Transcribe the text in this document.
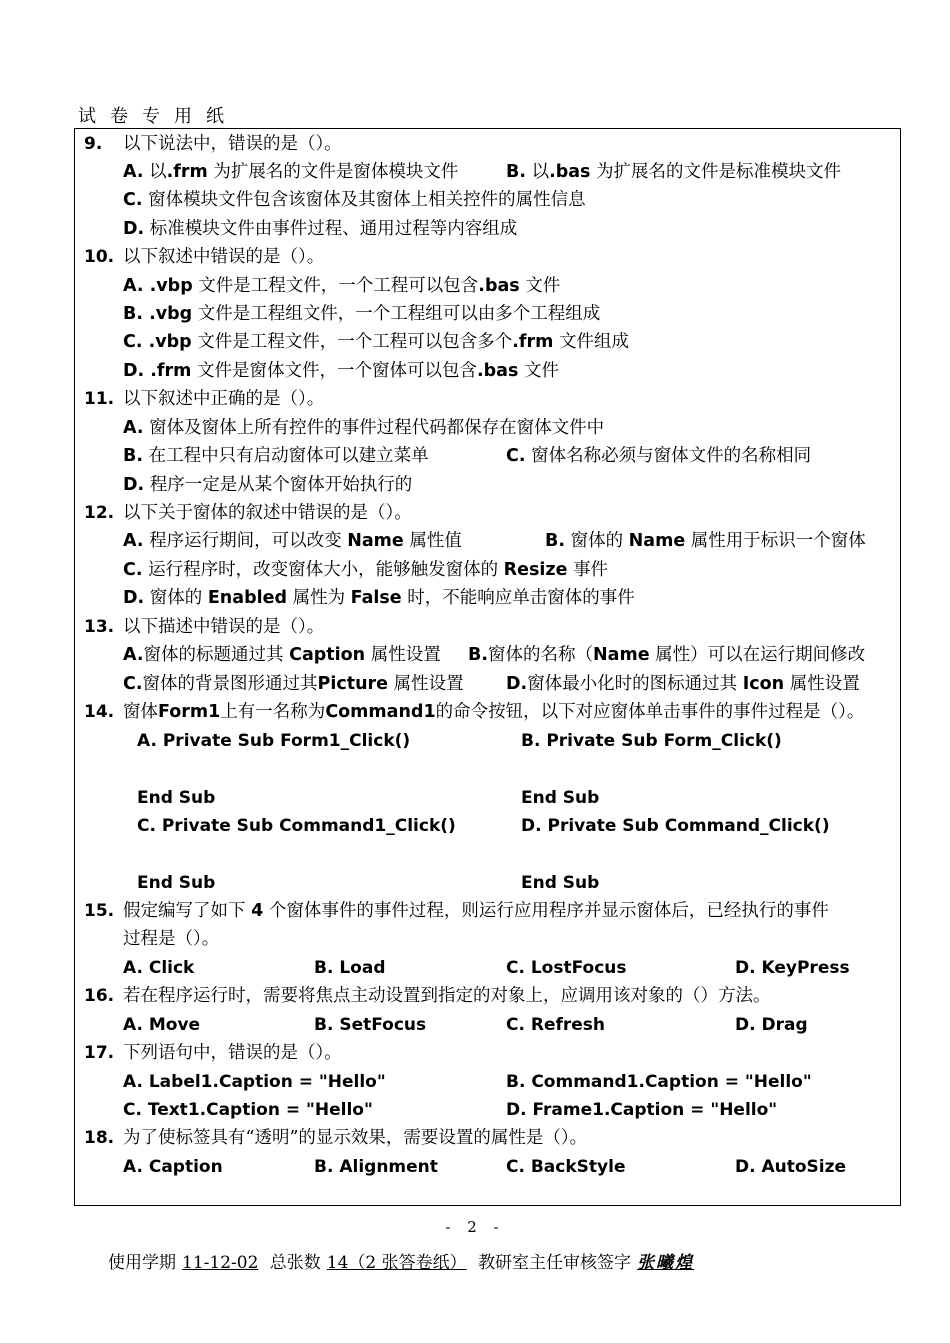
试卷专用纸
9. 以下说法中，错误的是（）。
A. 以.frm 为扩展名的文件是窗体模块文件	B. 以.bas 为扩展名的文件是标准模块文件
C. 窗体模块文件包含该窗体及其窗体上相关控件的属性信息
D. 标准模块文件由事件过程、通用过程等内容组成
10. 以下叙述中错误的是（）。
A. .vbp 文件是工程文件，一个工程可以包含.bas 文件
B. .vbg 文件是工程组文件，一个工程组可以由多个工程组成
C. .vbp 文件是工程文件，一个工程可以包含多个.frm 文件组成
D. .frm 文件是窗体文件，一个窗体可以包含.bas 文件
11. 以下叙述中正确的是（）。
A. 窗体及窗体上所有控件的事件过程代码都保存在窗体文件中
B. 在工程中只有启动窗体可以建立菜单	C. 窗体名称必须与窗体文件的名称相同
D. 程序一定是从某个窗体开始执行的
12. 以下关于窗体的叙述中错误的是（）。
A. 程序运行期间，可以改变 Name 属性值	B. 窗体的 Name 属性用于标识一个窗体
C. 运行程序时，改变窗体大小，能够触发窗体的 Resize 事件
D. 窗体的 Enabled 属性为 False 时，不能响应单击窗体的事件
13. 以下描述中错误的是（）。
A.窗体的标题通过其 Caption 属性设置 B.窗体的名称（Name 属性）可以在运行期间修改
C.窗体的背景图形通过其Picture 属性设置 D.窗体最小化时的图标通过其 Icon 属性设置
14. 窗体Form1上有一名称为Command1的命令按钮，以下对应窗体单击事件的事件过程是（）。
A. Private Sub Form1_Click()	B. Private Sub Form_Click()
End Sub	End Sub
C. Private Sub Command1_Click()	D. Private Sub Command_Click()
End Sub	End Sub
15. 假定编写了如下 4 个窗体事件的事件过程，则运行应用程序并显示窗体后，已经执行的事件
过程是（）。
A. Click	B. Load	C. LostFocus	D. KeyPress
16. 若在程序运行时，需要将焦点主动设置到指定的对象上，应调用该对象的（）方法。
A. Move	B. SetFocus	C. Refresh	D. Drag
17. 下列语句中，错误的是（）。
A. Label1.Caption = "Hello"	B. Command1.Caption = "Hello"
C. Text1.Caption = "Hello"	D. Frame1.Caption = "Hello"
18. 为了使标签具有“透明”的显示效果，需要设置的属性是（）。
A. Caption	B. Alignment	C. BackStyle	D. AutoSize
- 2 -
使用学期 11-12-02 总张数 14（2 张答卷纸） 教研室主任审核签字 张曦煌
